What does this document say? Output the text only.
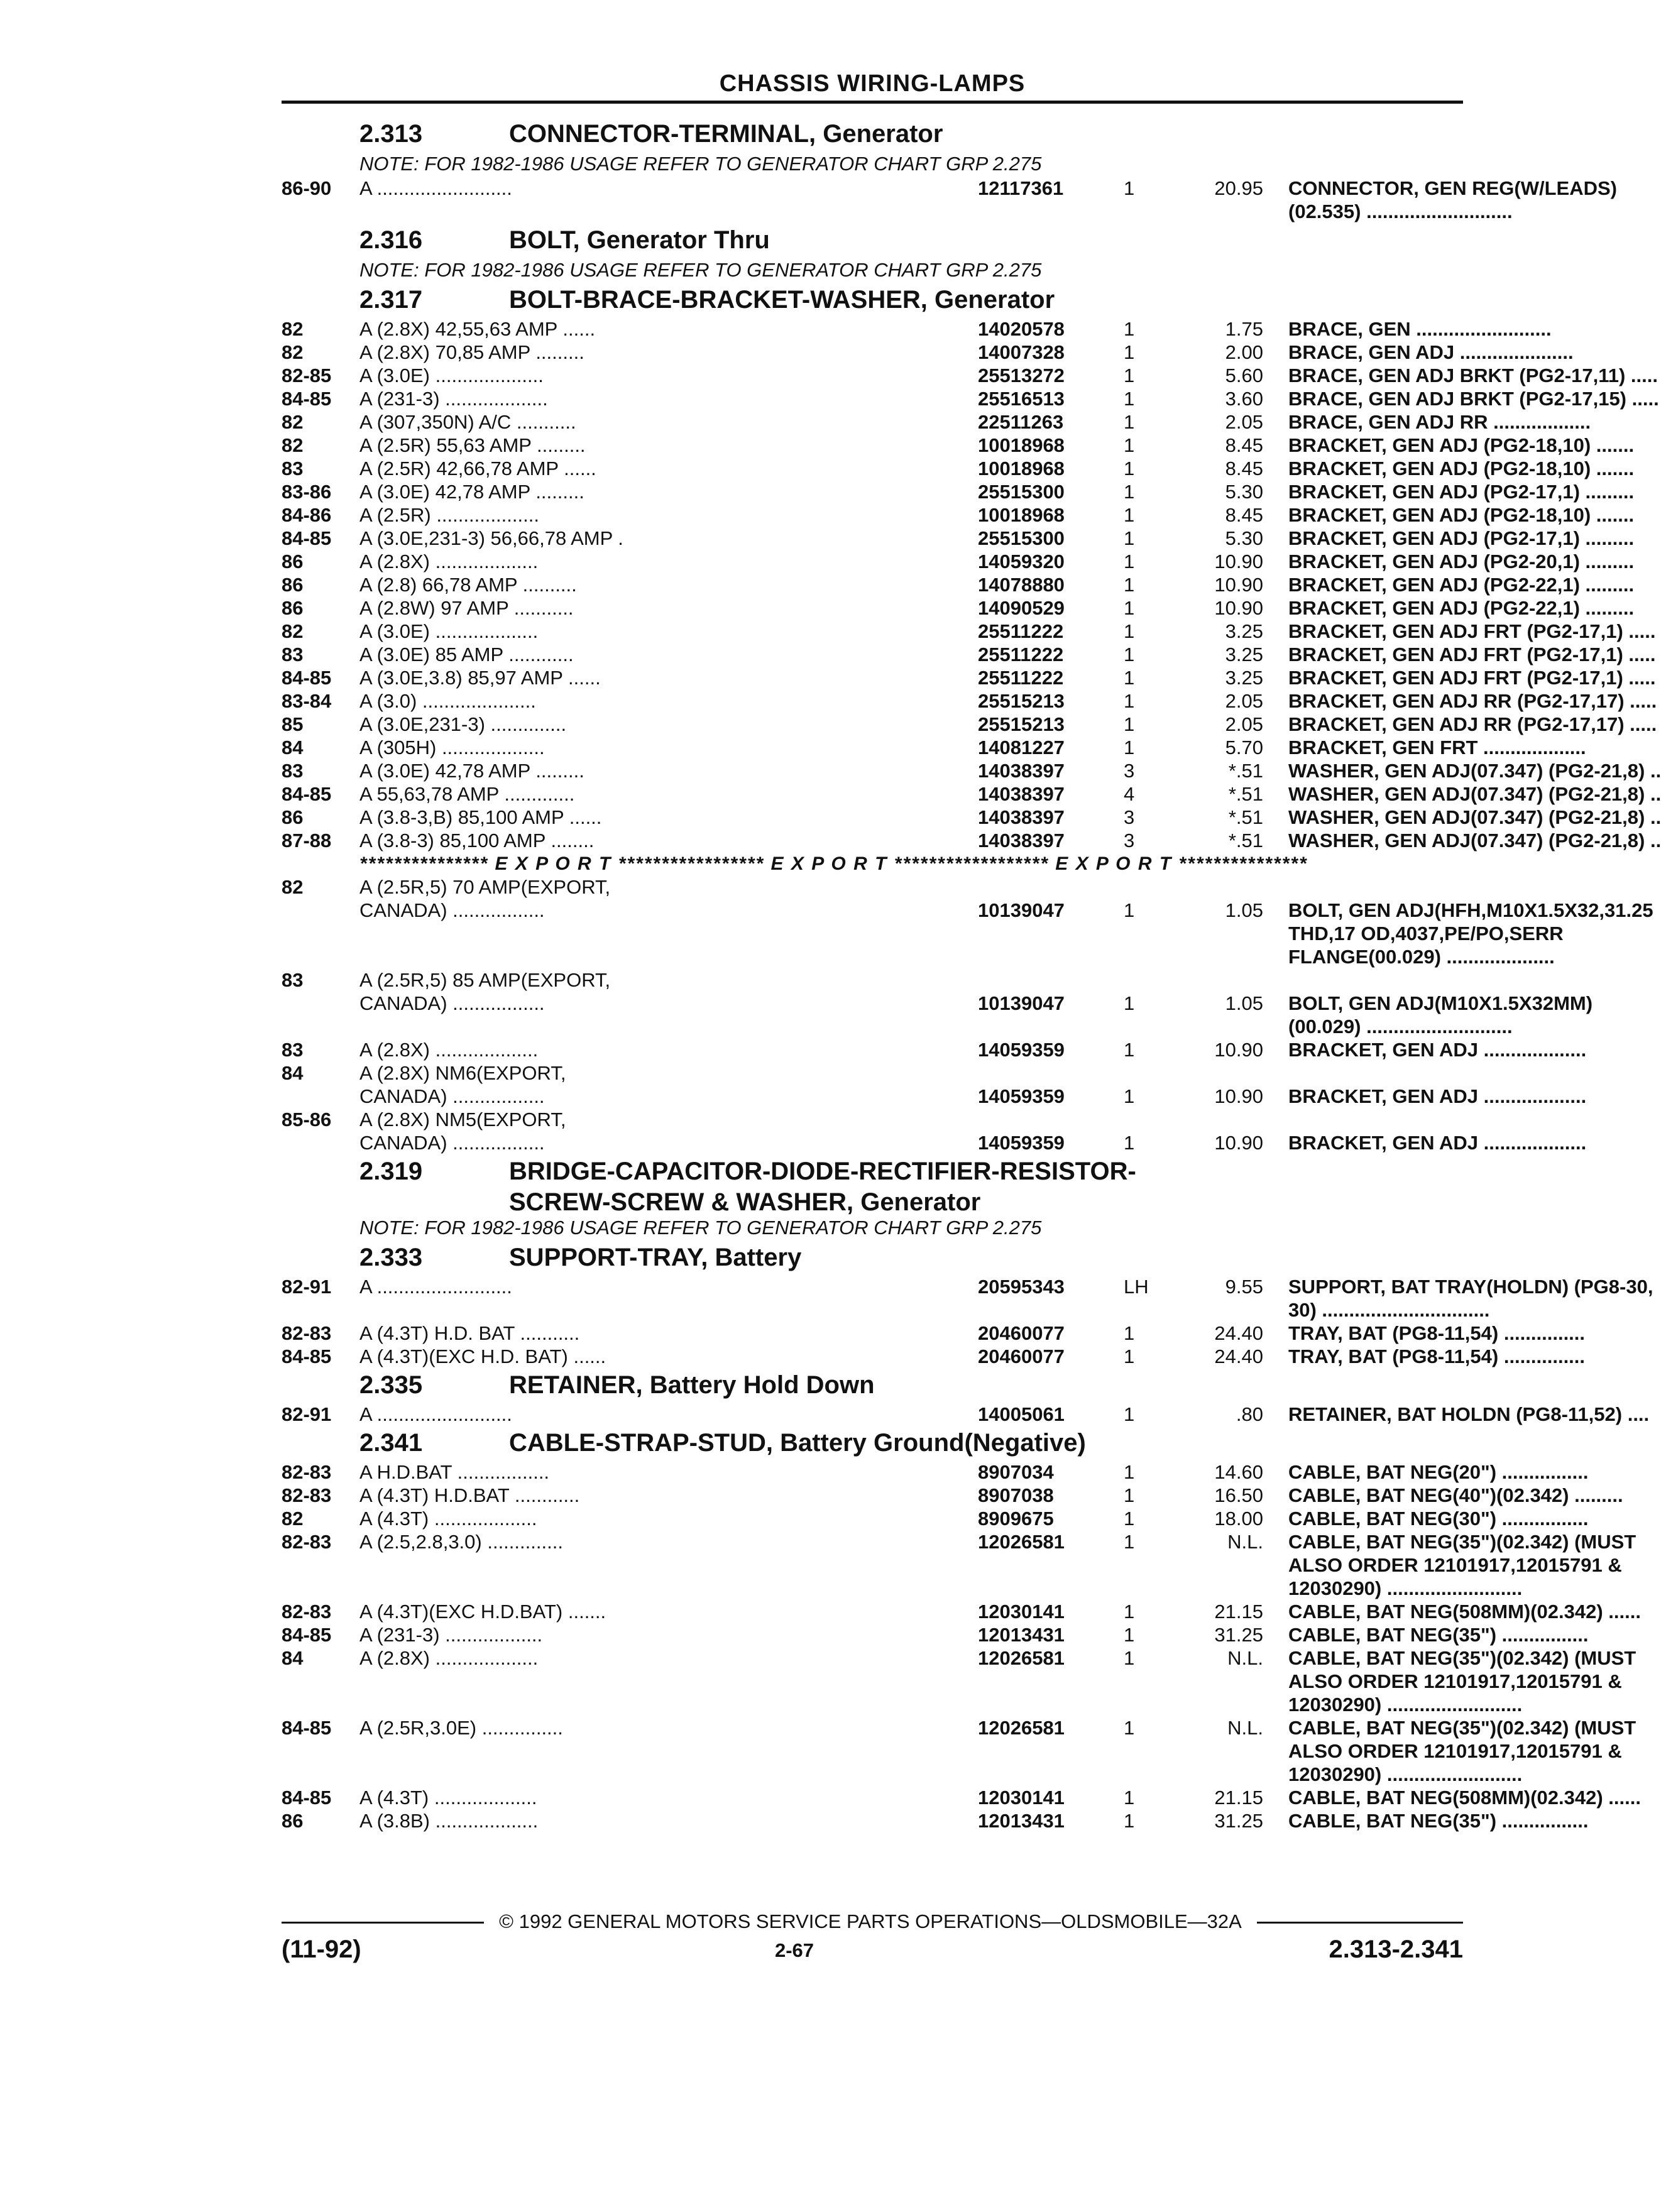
CHASSIS WIRING-LAMPS
2.313	CONNECTOR-TERMINAL, Generator
NOTE: FOR 1982-1986 USAGE REFER TO GENERATOR CHART GRP 2.275
86-90	A .........................	12117361	1	20.95 CONNECTOR, GEN REG(W/LEADS)
(02.535) ...........................
2.316	BOLT, Generator Thru
NOTE: FOR 1982-1986 USAGE REFER TO GENERATOR CHART GRP 2.275
2.317	BOLT-BRACE-BRACKET-WASHER, Generator
82	A (2.8X) 42,55,63 AMP ......	14020578	1	1.75 BRACE, GEN .........................
82	A (2.8X) 70,85 AMP .........	14007328	1	2.00 BRACE, GEN ADJ .....................
82-85	A (3.0E) ....................	25513272	1	5.60 BRACE, GEN ADJ BRKT (PG2-17,11) .....
84-85	A (231-3) ...................	25516513	1	3.60 BRACE, GEN ADJ BRKT (PG2-17,15) .....
82	A (307,350N) A/C ...........	22511263	1	2.05 BRACE, GEN ADJ RR ..................
82	A (2.5R) 55,63 AMP .........	10018968	1	8.45 BRACKET, GEN ADJ (PG2-18,10) .......
83	A (2.5R) 42,66,78 AMP ......	10018968	1	8.45 BRACKET, GEN ADJ (PG2-18,10) .......
83-86	A (3.0E) 42,78 AMP .........	25515300	1	5.30 BRACKET, GEN ADJ (PG2-17,1) .........
84-86	A (2.5R) ...................	10018968	1	8.45 BRACKET, GEN ADJ (PG2-18,10) .......
84-85	A (3.0E,231-3) 56,66,78 AMP .	25515300	1	5.30 BRACKET, GEN ADJ (PG2-17,1) .........
86	A (2.8X) ...................	14059320	1	10.90 BRACKET, GEN ADJ (PG2-20,1) .........
86	A (2.8) 66,78 AMP ..........	14078880	1	10.90 BRACKET, GEN ADJ (PG2-22,1) .........
86	A (2.8W) 97 AMP ...........	14090529	1	10.90 BRACKET, GEN ADJ (PG2-22,1) .........
82	A (3.0E) ...................	25511222	1	3.25 BRACKET, GEN ADJ FRT (PG2-17,1) .....
83	A (3.0E) 85 AMP ............	25511222	1	3.25 BRACKET, GEN ADJ FRT (PG2-17,1) .....
84-85	A (3.0E,3.8) 85,97 AMP ......	25511222	1	3.25 BRACKET, GEN ADJ FRT (PG2-17,1) .....
83-84	A (3.0) .....................	25515213	1	2.05 BRACKET, GEN ADJ RR (PG2-17,17) .....
85	A (3.0E,231-3) ..............	25515213	1	2.05 BRACKET, GEN ADJ RR (PG2-17,17) .....
84	A (305H) ...................	14081227	1	5.70 BRACKET, GEN FRT ...................
83	A (3.0E) 42,78 AMP .........	14038397	3	*.51 WASHER, GEN ADJ(07.347) (PG2-21,8) ..
84-85	A 55,63,78 AMP .............	14038397	4	*.51 WASHER, GEN ADJ(07.347) (PG2-21,8) ..
86	A (3.8-3,B) 85,100 AMP ......	14038397	3	*.51 WASHER, GEN ADJ(07.347) (PG2-21,8) ..
87-88	A (3.8-3) 85,100 AMP ........	14038397	3	*.51 WASHER, GEN ADJ(07.347) (PG2-21,8) ..
*************** E X P O R T ***************** E X P O R T ****************** E X P O R T ***************
82	A (2.5R,5) 70 AMP(EXPORT,
CANADA) .................	10139047	1	1.05 BOLT, GEN ADJ(HFH,M10X1.5X32,31.25
THD,17 OD,4037,PE/PO,SERR
FLANGE(00.029) ....................
83	A (2.5R,5) 85 AMP(EXPORT,
CANADA) .................	10139047	1	1.05 BOLT, GEN ADJ(M10X1.5X32MM)
(00.029) ...........................
83	A (2.8X) ...................	14059359	1	10.90 BRACKET, GEN ADJ ...................
84	A (2.8X) NM6(EXPORT,
CANADA) .................	14059359	1	10.90 BRACKET, GEN ADJ ...................
85-86	A (2.8X) NM5(EXPORT,
CANADA) .................	14059359	1	10.90 BRACKET, GEN ADJ ...................
2.319	BRIDGE-CAPACITOR-DIODE-RECTIFIER-RESISTOR-
SCREW-SCREW & WASHER, Generator
NOTE: FOR 1982-1986 USAGE REFER TO GENERATOR CHART GRP 2.275
2.333	SUPPORT-TRAY, Battery
82-91	A .........................	20595343	LH	9.55 SUPPORT, BAT TRAY(HOLDN) (PG8-30,
30) ...............................
82-83	A (4.3T) H.D. BAT ...........	20460077	1	24.40 TRAY, BAT (PG8-11,54) ...............
84-85	A (4.3T)(EXC H.D. BAT) ......	20460077	1	24.40 TRAY, BAT (PG8-11,54) ...............
2.335	RETAINER, Battery Hold Down
82-91	A .........................	14005061	1	.80 RETAINER, BAT HOLDN (PG8-11,52) ....
2.341	CABLE-STRAP-STUD, Battery Ground(Negative)
82-83	A H.D.BAT .................	8907034	1	14.60 CABLE, BAT NEG(20") ................
82-83	A (4.3T) H.D.BAT ............	8907038	1	16.50 CABLE, BAT NEG(40")(02.342) .........
82	A (4.3T) ...................	8909675	1	18.00 CABLE, BAT NEG(30") ................
82-83	A (2.5,2.8,3.0) ..............	12026581	1	N.L. CABLE, BAT NEG(35")(02.342) (MUST
ALSO ORDER 12101917,12015791 &
12030290) .........................
82-83	A (4.3T)(EXC H.D.BAT) .......	12030141	1	21.15 CABLE, BAT NEG(508MM)(02.342) ......
84-85	A (231-3) ..................	12013431	1	31.25 CABLE, BAT NEG(35") ................
84	A (2.8X) ...................	12026581	1	N.L. CABLE, BAT NEG(35")(02.342) (MUST
ALSO ORDER 12101917,12015791 &
12030290) .........................
84-85	A (2.5R,3.0E) ...............	12026581	1	N.L. CABLE, BAT NEG(35")(02.342) (MUST
ALSO ORDER 12101917,12015791 &
12030290) .........................
84-85	A (4.3T) ...................	12030141	1	21.15 CABLE, BAT NEG(508MM)(02.342) ......
86	A (3.8B) ...................	12013431	1	31.25 CABLE, BAT NEG(35") ................
© 1992 GENERAL MOTORS SERVICE PARTS OPERATIONS—OLDSMOBILE—32A
(11-92)	2-67	2.313-2.341
